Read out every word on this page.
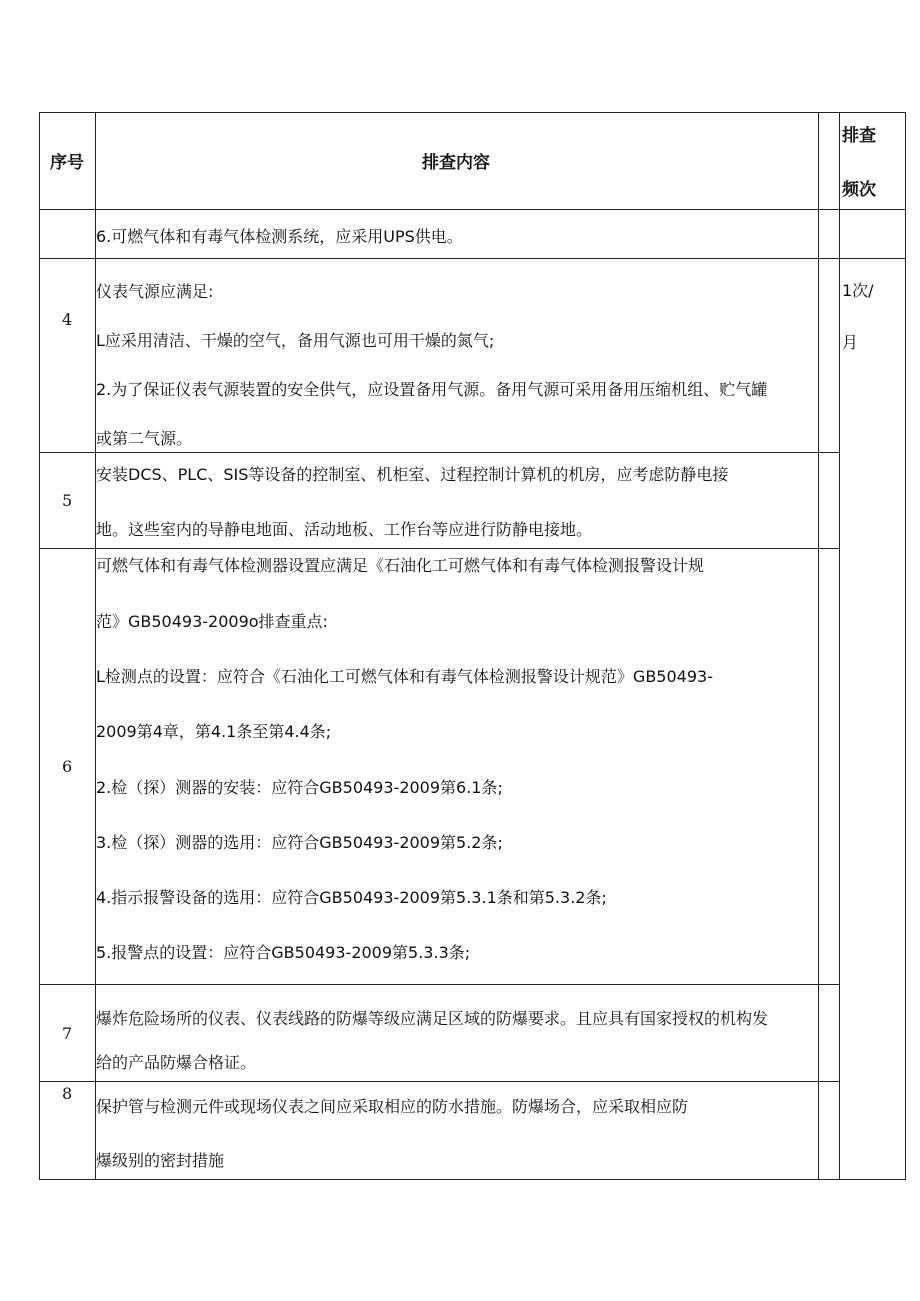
序号	排查内容
排查
频次
6.可燃气体和有毒气体检测系统，应采用UPS供电。
4
仪表气源应满足:
L应采用清洁、干燥的空气，备用气源也可用干燥的氮气;
2.为了保证仪表气源装置的安全供气，应设置备用气源。备用气源可采用备用压缩机组、贮气罐
或第二气源。
1次/
月
5
安装DCS、PLC、SIS等设备的控制室、机柜室、过程控制计算机的机房，应考虑防静电接
地。这些室内的导静电地面、活动地板、工作台等应进行防静电接地。
6
可燃气体和有毒气体检测器设置应满足《石油化工可燃气体和有毒气体检测报警设计规
范》GB50493-2009o排查重点:
L检测点的设置：应符合《石油化工可燃气体和有毒气体检测报警设计规范》GB50493-
2009第4章，第4.1条至第4.4条;
2.检（探）测器的安装：应符合GB50493-2009第6.1条;
3.检（探）测器的选用：应符合GB50493-2009第5.2条;
4.指示报警设备的选用：应符合GB50493-2009第5.3.1条和第5.3.2条;
5.报警点的设置：应符合GB50493-2009第5.3.3条;
7
爆炸危险场所的仪表、仪表线路的防爆等级应满足区域的防爆要求。且应具有国家授权的机构发
给的产品防爆合格证。
8
保护管与检测元件或现场仪表之间应采取相应的防水措施。防爆场合，应采取相应防
爆级别的密封措施
